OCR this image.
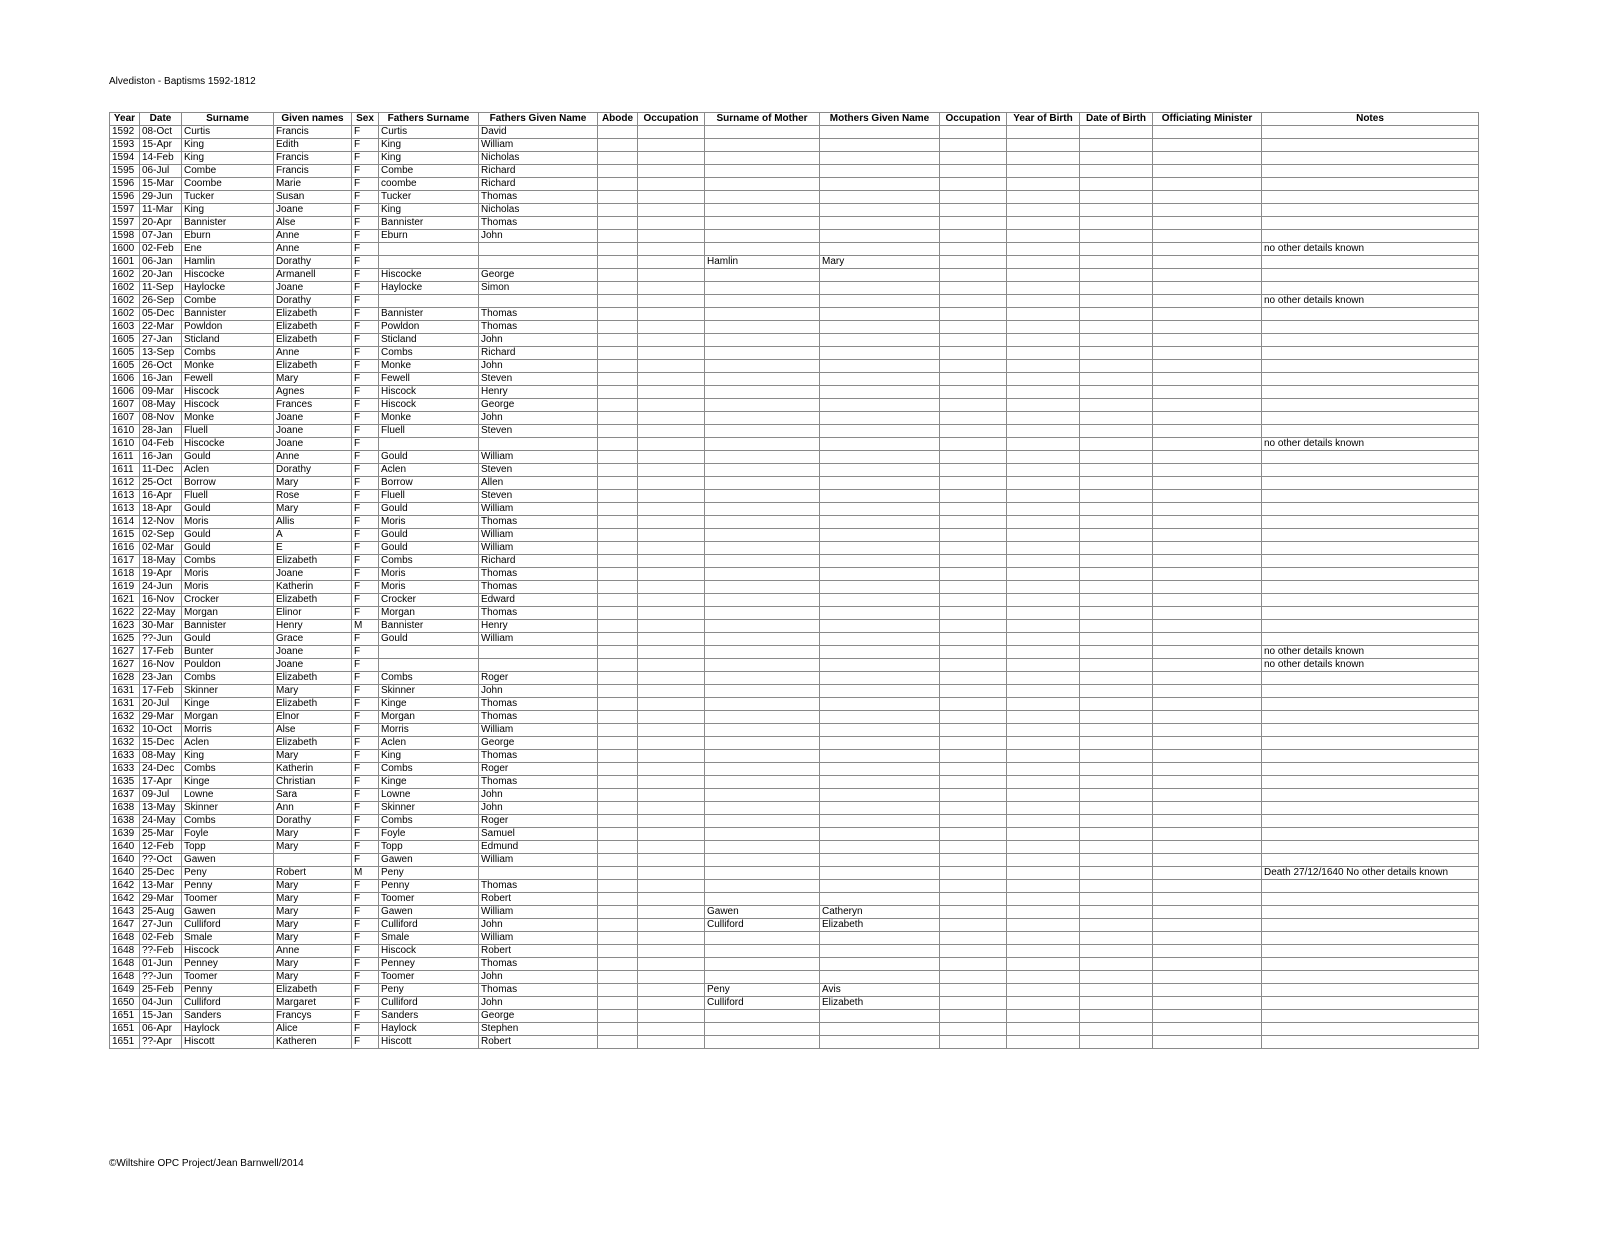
Alvediston - Baptisms 1592-1812
Year	Date	Surname	Given names	Sex	Fathers Surname	Fathers Given Name	Abode	Occupation	Surname of Mother	Mothers Given Name	Occupation	Year of Birth	Date of Birth	Officiating Minister	Notes
1592	08-Oct	Curtis	Francis	F	Curtis	David									
1593	15-Apr	King	Edith	F	King	William									
1594	14-Feb	King	Francis	F	King	Nicholas									
1595	06-Jul	Combe	Francis	F	Combe	Richard									
1596	15-Mar	Coombe	Marie	F	coombe	Richard									
1596	29-Jun	Tucker	Susan	F	Tucker	Thomas									
1597	11-Mar	King	Joane	F	King	Nicholas									
1597	20-Apr	Bannister	Alse	F	Bannister	Thomas									
1598	07-Jan	Eburn	Anne	F	Eburn	John									
1600	02-Feb	Ene	Anne	F											no other details known
1601	06-Jan	Hamlin	Dorathy	F					Hamlin	Mary					
1602	20-Jan	Hiscocke	Armanell	F	Hiscocke	George									
1602	11-Sep	Haylocke	Joane	F	Haylocke	Simon									
1602	26-Sep	Combe	Dorathy	F											no other details known
1602	05-Dec	Bannister	Elizabeth	F	Bannister	Thomas									
1603	22-Mar	Powldon	Elizabeth	F	Powldon	Thomas									
1605	27-Jan	Sticland	Elizabeth	F	Sticland	John									
1605	13-Sep	Combs	Anne	F	Combs	Richard									
1605	26-Oct	Monke	Elizabeth	F	Monke	John									
1606	16-Jan	Fewell	Mary	F	Fewell	Steven									
1606	09-Mar	Hiscock	Agnes	F	Hiscock	Henry									
1607	08-May	Hiscock	Frances	F	Hiscock	George									
1607	08-Nov	Monke	Joane	F	Monke	John									
1610	28-Jan	Fluell	Joane	F	Fluell	Steven									
1610	04-Feb	Hiscocke	Joane	F											no other details known
1611	16-Jan	Gould	Anne	F	Gould	William									
1611	11-Dec	Aclen	Dorathy	F	Aclen	Steven									
1612	25-Oct	Borrow	Mary	F	Borrow	Allen									
1613	16-Apr	Fluell	Rose	F	Fluell	Steven									
1613	18-Apr	Gould	Mary	F	Gould	William									
1614	12-Nov	Moris	Allis	F	Moris	Thomas									
1615	02-Sep	Gould	A	F	Gould	William									
1616	02-Mar	Gould	E	F	Gould	William									
1617	18-May	Combs	Elizabeth	F	Combs	Richard									
1618	19-Apr	Moris	Joane	F	Moris	Thomas									
1619	24-Jun	Moris	Katherin	F	Moris	Thomas									
1621	16-Nov	Crocker	Elizabeth	F	Crocker	Edward									
1622	22-May	Morgan	Elinor	F	Morgan	Thomas									
1623	30-Mar	Bannister	Henry	M	Bannister	Henry									
1625	??-Jun	Gould	Grace	F	Gould	William									
1627	17-Feb	Bunter	Joane	F											no other details known
1627	16-Nov	Pouldon	Joane	F											no other details known
1628	23-Jan	Combs	Elizabeth	F	Combs	Roger									
1631	17-Feb	Skinner	Mary	F	Skinner	John									
1631	20-Jul	Kinge	Elizabeth	F	Kinge	Thomas									
1632	29-Mar	Morgan	Elnor	F	Morgan	Thomas									
1632	10-Oct	Morris	Alse	F	Morris	William									
1632	15-Dec	Aclen	Elizabeth	F	Aclen	George									
1633	08-May	King	Mary	F	King	Thomas									
1633	24-Dec	Combs	Katherin	F	Combs	Roger									
1635	17-Apr	Kinge	Christian	F	Kinge	Thomas									
1637	09-Jul	Lowne	Sara	F	Lowne	John									
1638	13-May	Skinner	Ann	F	Skinner	John									
1638	24-May	Combs	Dorathy	F	Combs	Roger									
1639	25-Mar	Foyle	Mary	F	Foyle	Samuel									
1640	12-Feb	Topp	Mary	F	Topp	Edmund									
1640	??-Oct	Gawen		F	Gawen	William									
1640	25-Dec	Peny	Robert	M	Peny										Death 27/12/1640 No other details known
1642	13-Mar	Penny	Mary	F	Penny	Thomas									
1642	29-Mar	Toomer	Mary	F	Toomer	Robert									
1643	25-Aug	Gawen	Mary	F	Gawen	William			Gawen	Catheryn					
1647	27-Jun	Culliford	Mary	F	Culliford	John			Culliford	Elizabeth					
1648	02-Feb	Smale	Mary	F	Smale	William									
1648	??-Feb	Hiscock	Anne	F	Hiscock	Robert									
1648	01-Jun	Penney	Mary	F	Penney	Thomas									
1648	??-Jun	Toomer	Mary	F	Toomer	John									
1649	25-Feb	Penny	Elizabeth	F	Peny	Thomas			Peny	Avis					
1650	04-Jun	Culliford	Margaret	F	Culliford	John			Culliford	Elizabeth					
1651	15-Jan	Sanders	Francys	F	Sanders	George									
1651	06-Apr	Haylock	Alice	F	Haylock	Stephen									
1651	??-Apr	Hiscott	Katheren	F	Hiscott	Robert									
©Wiltshire OPC Project/Jean Barnwell/2014
